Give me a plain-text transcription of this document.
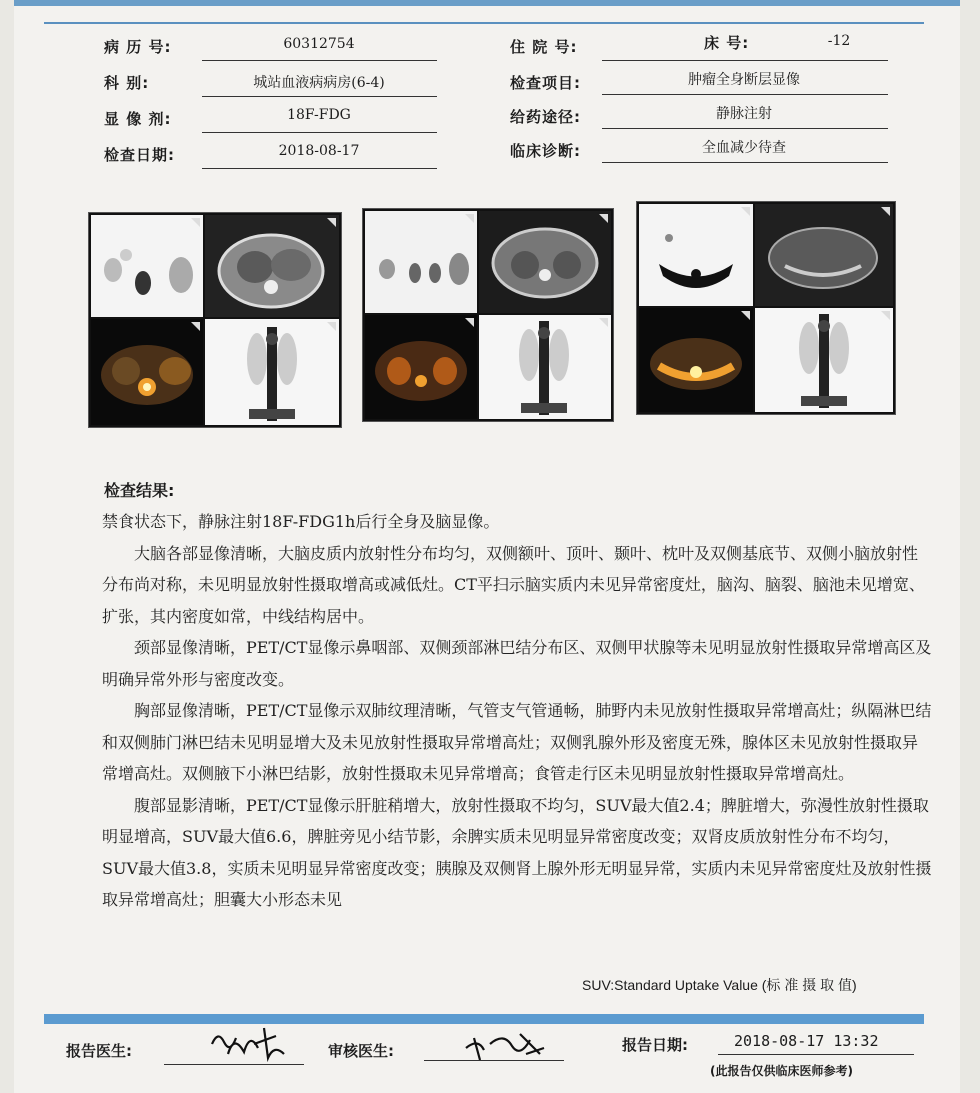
病 历 号:	60312754	住 院 号:	床 号:	-12
科 别:	城站血液病病房(6-4)	检查项目:	肿瘤全身断层显像
显 像 剂:	18F-FDG	给药途径:	静脉注射
检查日期:	2018-08-17	临床诊断:	全血减少待查
检查结果:

禁食状态下，静脉注射18F-FDG1h后行全身及脑显像。

大脑各部显像清晰，大脑皮质内放射性分布均匀，双侧额叶、顶叶、颞叶、枕叶及双侧基底节、双侧小脑放射性分布尚对称，未见明显放射性摄取增高或减低灶。CT平扫示脑实质内未见异常密度灶，脑沟、脑裂、脑池未见增宽、扩张，其内密度如常，中线结构居中。

颈部显像清晰，PET/CT显像示鼻咽部、双侧颈部淋巴结分布区、双侧甲状腺等未见明显放射性摄取异常增高区及明确异常外形与密度改变。

胸部显像清晰，PET/CT显像示双肺纹理清晰，气管支气管通畅，肺野内未见放射性摄取异常增高灶；纵隔淋巴结和双侧肺门淋巴结未见明显增大及未见放射性摄取异常增高灶；双侧乳腺外形及密度无殊，腺体区未见放射性摄取异常增高灶。双侧腋下小淋巴结影，放射性摄取未见异常增高；食管走行区未见明显放射性摄取异常增高灶。

腹部显影清晰，PET/CT显像示肝脏稍增大，放射性摄取不均匀，SUV最大值2.4；脾脏增大，弥漫性放射性摄取明显增高，SUV最大值6.6，脾脏旁见小结节影，余脾实质未见明显异常密度改变；双肾皮质放射性分布不均匀，SUV最大值3.8，实质未见明显异常密度改变；胰腺及双侧肾上腺外形无明显异常，实质内未见异常密度灶及放射性摄取异常增高灶；胆囊大小形态未见

SUV:Standard Uptake Value (标 准 摄 取 值)
报告医生:	审核医生:	报告日期:	2018-08-17 13:32
(此报告仅供临床医师参考)
